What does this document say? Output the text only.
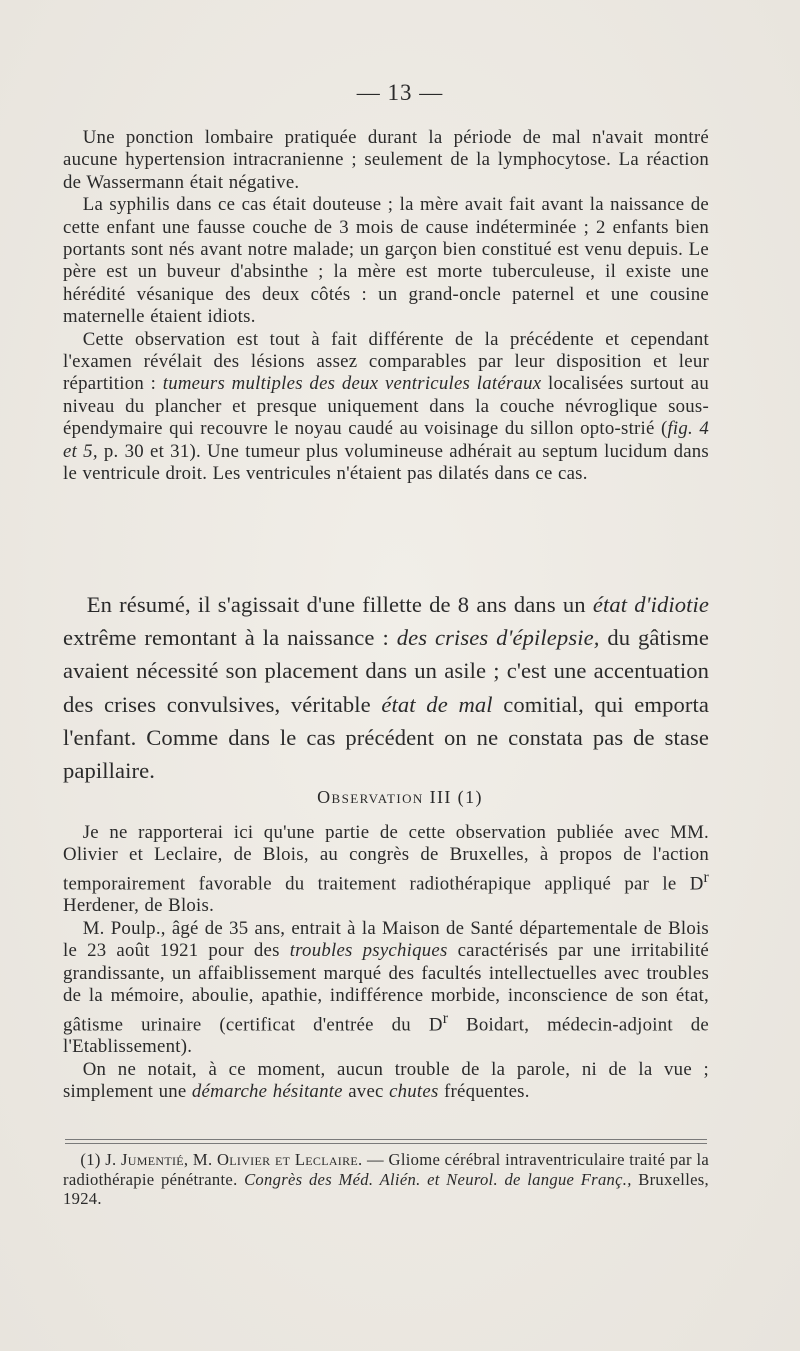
— 13 —

Une ponction lombaire pratiquée durant la période de mal n'avait montré aucune hypertension intracranienne ; seulement de la lymphocytose. La réaction de Wassermann était négative.

La syphilis dans ce cas était douteuse ; la mère avait fait avant la naissance de cette enfant une fausse couche de 3 mois de cause indéterminée ; 2 enfants bien portants sont nés avant notre malade; un garçon bien constitué est venu depuis. Le père est un buveur d'absinthe ; la mère est morte tuberculeuse, il existe une hérédité vésanique des deux côtés : un grand-oncle paternel et une cousine maternelle étaient idiots.

Cette observation est tout à fait différente de la précédente et cependant l'examen révélait des lésions assez comparables par leur disposition et leur répartition : tumeurs multiples des deux ventricules latéraux localisées surtout au niveau du plancher et presque uniquement dans la couche névroglique sous-épendymaire qui recouvre le noyau caudé au voisinage du sillon opto-strié (fig. 4 et 5, p. 30 et 31). Une tumeur plus volumineuse adhérait au septum lucidum dans le ventricule droit. Les ventricules n'étaient pas dilatés dans ce cas.

En résumé, il s'agissait d'une fillette de 8 ans dans un état d'idiotie extrême remontant à la naissance : des crises d'épilepsie, du gâtisme avaient nécessité son placement dans un asile ; c'est une accentuation des crises convulsives, véritable état de mal comitial, qui emporta l'enfant. Comme dans le cas précédent on ne constata pas de stase papillaire.

Observation III (1)

Je ne rapporterai ici qu'une partie de cette observation publiée avec MM. Olivier et Leclaire, de Blois, au congrès de Bruxelles, à propos de l'action temporairement favorable du traitement radiothérapique appliqué par le $D^r$ Herdener, de Blois.

M. Poulp., âgé de 35 ans, entrait à la Maison de Santé départementale de Blois le 23 août 1921 pour des troubles psychiques caractérisés par une irritabilité grandissante, un affaiblissement marqué des facultés intellectuelles avec troubles de la mémoire, aboulie, apathie, indifférence morbide, inconscience de son état, gâtisme urinaire (certificat d'entrée du $D^r$ Boidart, médecin-adjoint de l'Etablissement).

On ne notait, à ce moment, aucun trouble de la parole, ni de la vue ; simplement une démarche hésitante avec chutes fréquentes.

(1) J. Jumentié, M. Olivier et Leclaire. — Gliome cérébral intraventriculaire traité par la radiothérapie pénétrante. Congrès des Méd. Alién. et Neurol. de langue Franç., Bruxelles, 1924.
